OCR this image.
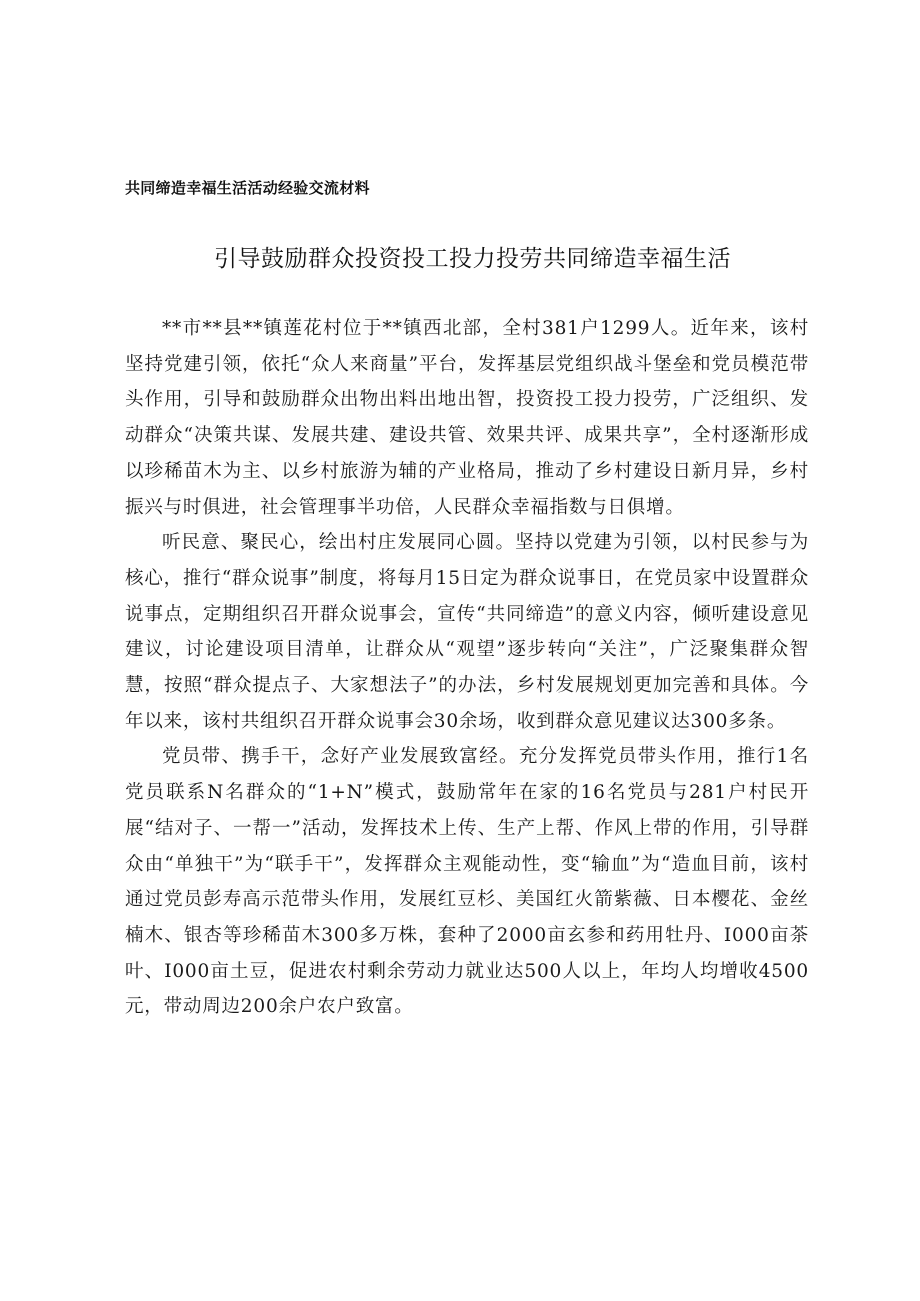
共同缔造幸福生活活动经验交流材料
引导鼓励群众投资投工投力投劳共同缔造幸福生活

**市**县**镇莲花村位于**镇西北部，全村381户1299人。近年来，该村坚持党建引领，依托“众人来商量”平台，发挥基层党组织战斗堡垒和党员模范带头作用，引导和鼓励群众出物出料出地出智，投资投工投力投劳，广泛组织、发动群众“决策共谋、发展共建、建设共管、效果共评、成果共享”，全村逐渐形成以珍稀苗木为主、以乡村旅游为辅的产业格局，推动了乡村建设日新月异，乡村振兴与时俱进，社会管理事半功倍，人民群众幸福指数与日俱增。

听民意、聚民心，绘出村庄发展同心圆。坚持以党建为引领，以村民参与为核心，推行“群众说事”制度，将每月15日定为群众说事日，在党员家中设置群众说事点，定期组织召开群众说事会，宣传“共同缔造”的意义内容，倾听建设意见建议，讨论建设项目清单，让群众从“观望”逐步转向“关注”，广泛聚集群众智慧，按照“群众提点子、大家想法子”的办法，乡村发展规划更加完善和具体。今年以来，该村共组织召开群众说事会30余场，收到群众意见建议达300多条。

党员带、携手干，念好产业发展致富经。充分发挥党员带头作用，推行1名党员联系N名群众的“1+N”模式，鼓励常年在家的16名党员与281户村民开展“结对子、一帮一”活动，发挥技术上传、生产上帮、作风上带的作用，引导群众由“单独干”为“联手干”，发挥群众主观能动性，变“输血”为“造血目前，该村通过党员彭寿高示范带头作用，发展红豆杉、美国红火箭紫薇、日本樱花、金丝楠木、银杏等珍稀苗木300多万株，套种了2000亩玄参和药用牡丹、I000亩茶叶、I000亩土豆，促进农村剩余劳动力就业达500人以上，年均人均增收4500元，带动周边200余户农户致富。
